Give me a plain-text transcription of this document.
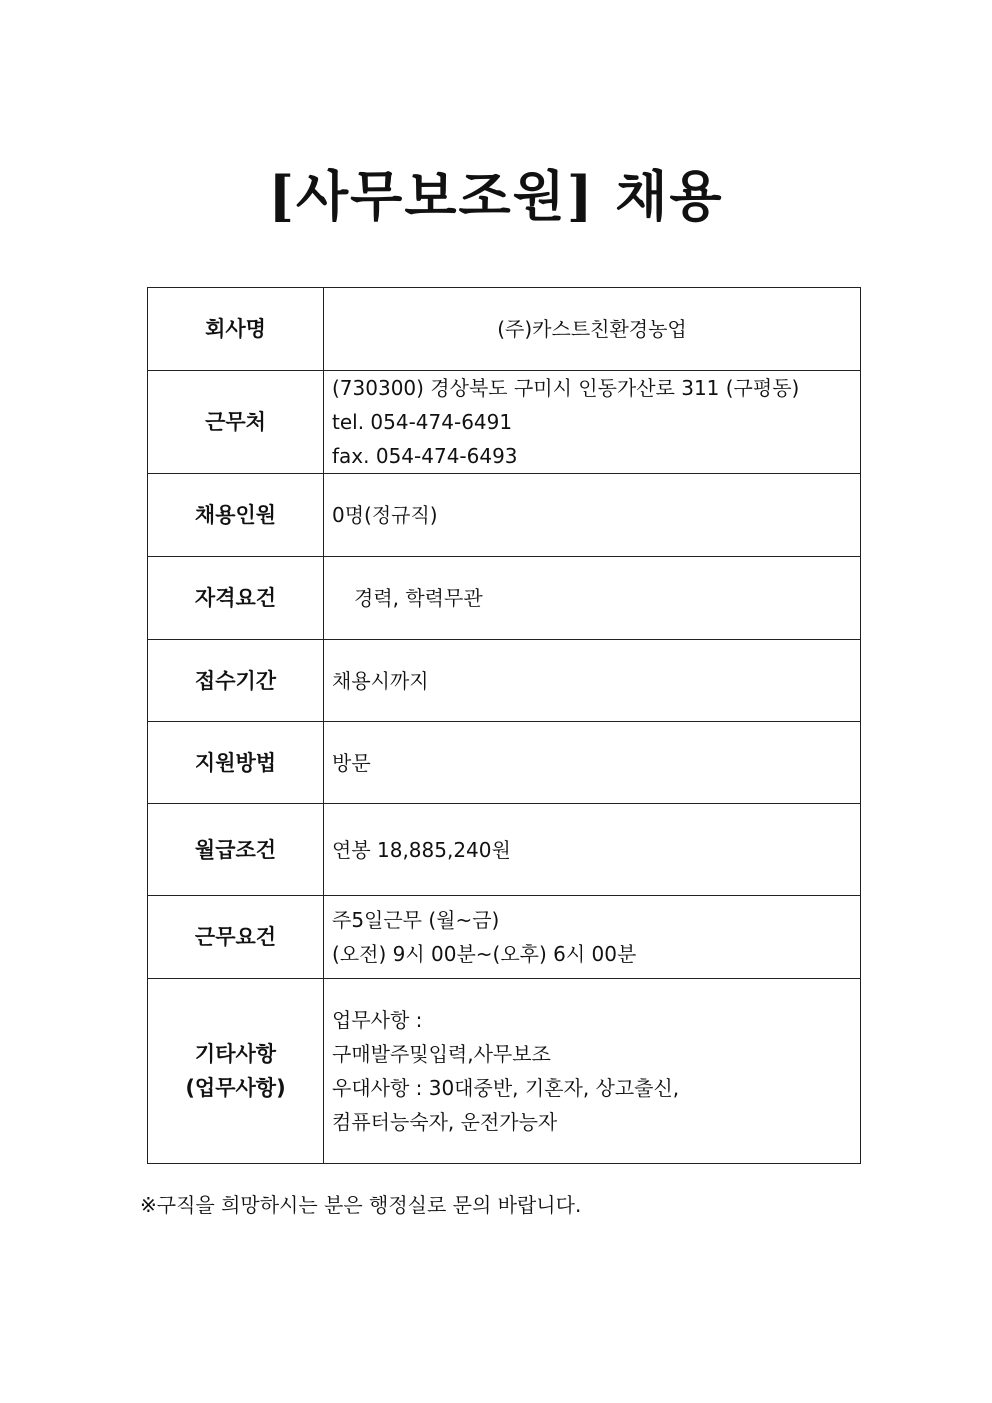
[사무보조원] 채용
회사명	(주)카스트친환경농업

근무처	(730300) 경상북도 구미시 인동가산로 311 (구평동)
tel. 054-474-6491
fax. 054-474-6493

채용인원	0명(정규직)

자격요건	경력, 학력무관

접수기간	채용시까지

지원방법	방문

월급조건	연봉 18,885,240원

근무요건	주5일근무 (월~금)
(오전) 9시 00분~(오후) 6시 00분

기타사항
(업무사항)	업무사항 :
구매발주및입력,사무보조
우대사항 : 30대중반, 기혼자, 상고출신,
컴퓨터능숙자, 운전가능자

※구직을 희망하시는 분은 행정실로 문의 바랍니다.
